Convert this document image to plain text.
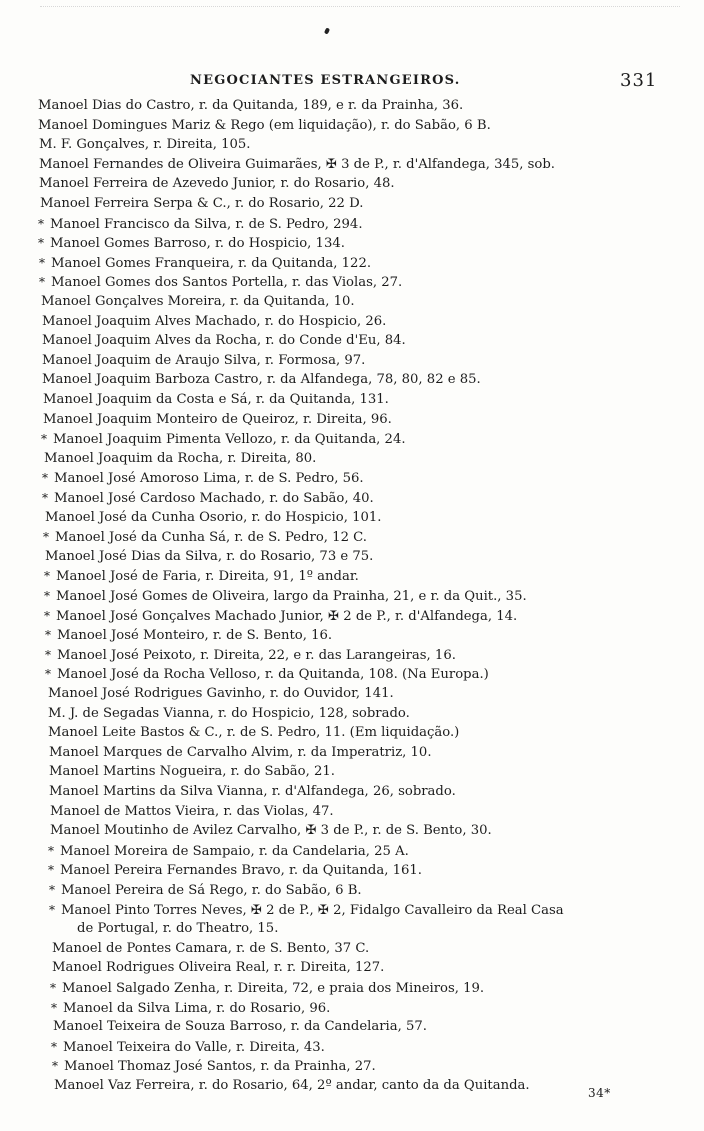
NEGOCIANTES ESTRANGEIROS.	331
Manoel Dias do Castro, r. da Quitanda, 189, e r. da Prainha, 36.
Manoel Domingues Mariz & Rego (em liquidação), r. do Sabão, 6 B.
M. F. Gonçalves, r. Direita, 105.
Manoel Fernandes de Oliveira Guimarães, ✠ 3 de P., r. d'Alfandega, 345, sob.
Manoel Ferreira de Azevedo Junior, r. do Rosario, 48.
Manoel Ferreira Serpa & C., r. do Rosario, 22 D.
* Manoel Francisco da Silva, r. de S. Pedro, 294.
* Manoel Gomes Barroso, r. do Hospicio, 134.
* Manoel Gomes Franqueira, r. da Quitanda, 122.
* Manoel Gomes dos Santos Portella, r. das Violas, 27.
Manoel Gonçalves Moreira, r. da Quitanda, 10.
Manoel Joaquim Alves Machado, r. do Hospicio, 26.
Manoel Joaquim Alves da Rocha, r. do Conde d'Eu, 84.
Manoel Joaquim de Araujo Silva, r. Formosa, 97.
Manoel Joaquim Barboza Castro, r. da Alfandega, 78, 80, 82 e 85.
Manoel Joaquim da Costa e Sá, r. da Quitanda, 131.
Manoel Joaquim Monteiro de Queiroz, r. Direita, 96.
* Manoel Joaquim Pimenta Vellozo, r. da Quitanda, 24.
Manoel Joaquim da Rocha, r. Direita, 80.
* Manoel José Amoroso Lima, r. de S. Pedro, 56.
* Manoel José Cardoso Machado, r. do Sabão, 40.
Manoel José da Cunha Osorio, r. do Hospicio, 101.
* Manoel José da Cunha Sá, r. de S. Pedro, 12 C.
Manoel José Dias da Silva, r. do Rosario, 73 e 75.
* Manoel José de Faria, r. Direita, 91, 1º andar.
* Manoel José Gomes de Oliveira, largo da Prainha, 21, e r. da Quit., 35.
* Manoel José Gonçalves Machado Junior, ✠ 2 de P., r. d'Alfandega, 14.
* Manoel José Monteiro, r. de S. Bento, 16.
* Manoel José Peixoto, r. Direita, 22, e r. das Larangeiras, 16.
* Manoel José da Rocha Velloso, r. da Quitanda, 108. (Na Europa.)
Manoel José Rodrigues Gavinho, r. do Ouvidor, 141.
M. J. de Segadas Vianna, r. do Hospicio, 128, sobrado.
Manoel Leite Bastos & C., r. de S. Pedro, 11. (Em liquidação.)
Manoel Marques de Carvalho Alvim, r. da Imperatriz, 10.
Manoel Martins Nogueira, r. do Sabão, 21.
Manoel Martins da Silva Vianna, r. d'Alfandega, 26, sobrado.
Manoel de Mattos Vieira, r. das Violas, 47.
Manoel Moutinho de Avilez Carvalho, ✠ 3 de P., r. de S. Bento, 30.
* Manoel Moreira de Sampaio, r. da Candelaria, 25 A.
* Manoel Pereira Fernandes Bravo, r. da Quitanda, 161.
* Manoel Pereira de Sá Rego, r. do Sabão, 6 B.
* Manoel Pinto Torres Neves, ✠ 2 de P., ✠ 2, Fidalgo Cavalleiro da Real Casa
de Portugal, r. do Theatro, 15.
Manoel de Pontes Camara, r. de S. Bento, 37 C.
Manoel Rodrigues Oliveira Real, r. r. Direita, 127.
* Manoel Salgado Zenha, r. Direita, 72, e praia dos Mineiros, 19.
* Manoel da Silva Lima, r. do Rosario, 96.
Manoel Teixeira de Souza Barroso, r. da Candelaria, 57.
* Manoel Teixeira do Valle, r. Direita, 43.
* Manoel Thomaz José Santos, r. da Prainha, 27.
Manoel Vaz Ferreira, r. do Rosario, 64, 2º andar, canto da da Quitanda.	34*
